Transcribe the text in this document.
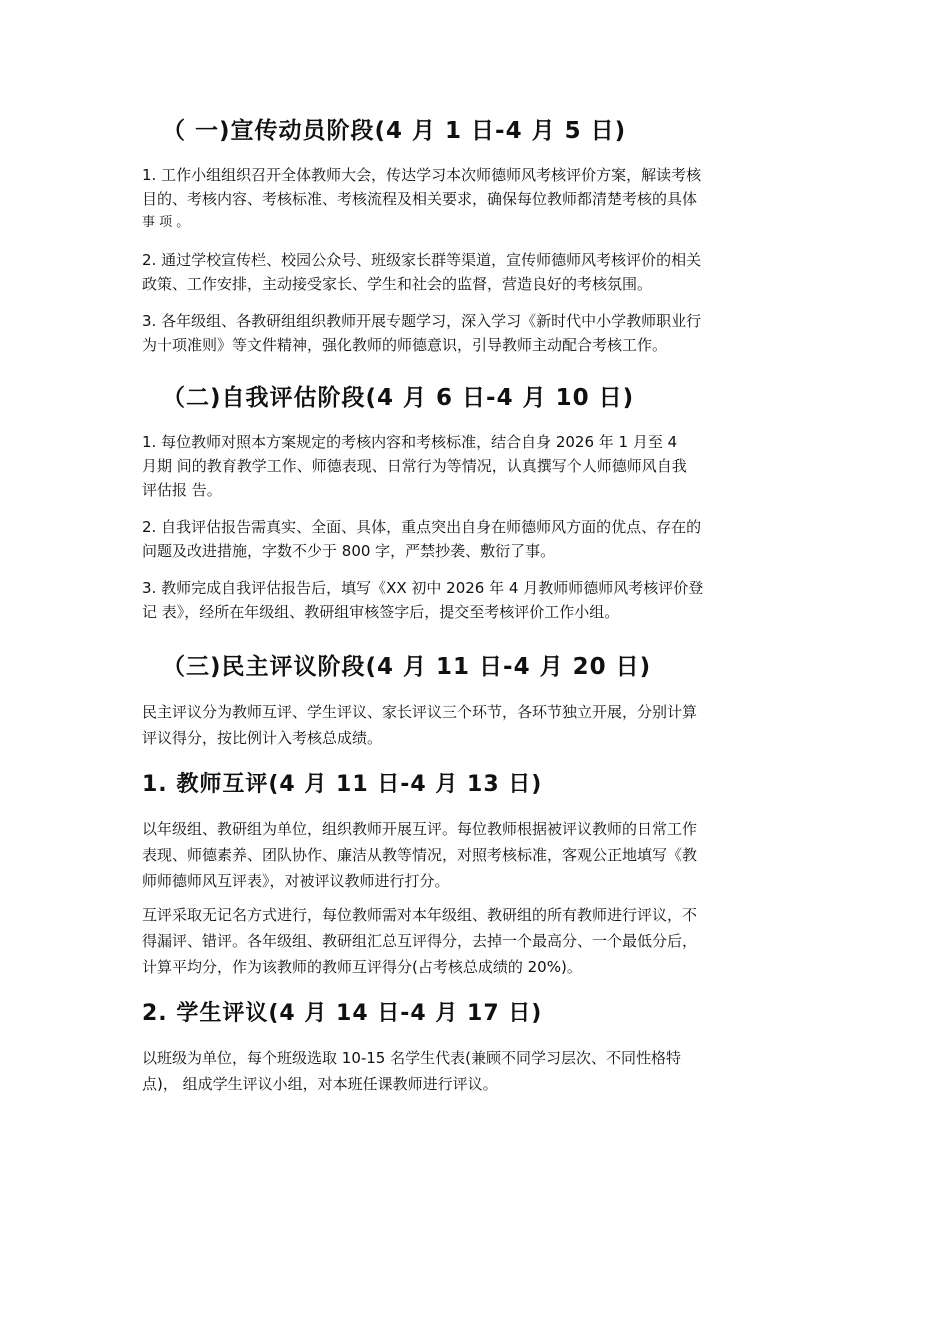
（ 一)宣传动员阶段(4 月 1 日-4 月 5 日)
1. 工作小组组织召开全体教师大会，传达学习本次师德师风考核评价方案，解读考核
目的、考核内容、考核标准、考核流程及相关要求，确保每位教师都清楚考核的具体
事 项 。
2. 通过学校宣传栏、校园公众号、班级家长群等渠道，宣传师德师风考核评价的相关
政策、工作安排，主动接受家长、学生和社会的监督，营造良好的考核氛围。
3. 各年级组、各教研组组织教师开展专题学习，深入学习《新时代中小学教师职业行
为十项准则》等文件精神，强化教师的师德意识，引导教师主动配合考核工作。
（二)自我评估阶段(4 月 6 日-4 月 10 日)
1. 每位教师对照本方案规定的考核内容和考核标准，结合自身 2026 年 1 月至 4
月期 间的教育教学工作、师德表现、日常行为等情况，认真撰写个人师德师风自我
评估报 告。
2. 自我评估报告需真实、全面、具体，重点突出自身在师德师风方面的优点、存在的
问题及改进措施，字数不少于 800 字，严禁抄袭、敷衍了事。
3. 教师完成自我评估报告后，填写《XX 初中 2026 年 4 月教师师德师风考核评价登
记 表》，经所在年级组、教研组审核签字后，提交至考核评价工作小组。
（三)民主评议阶段(4 月 11 日-4 月 20 日)
民主评议分为教师互评、学生评议、家长评议三个环节，各环节独立开展，分别计算
评议得分，按比例计入考核总成绩。
1. 教师互评(4 月 11 日-4 月 13 日)
以年级组、教研组为单位，组织教师开展互评。每位教师根据被评议教师的日常工作
表现、师德素养、团队协作、廉洁从教等情况，对照考核标准，客观公正地填写《教
师师德师风互评表》，对被评议教师进行打分。
互评采取无记名方式进行，每位教师需对本年级组、教研组的所有教师进行评议，不
得漏评、错评。各年级组、教研组汇总互评得分，去掉一个最高分、一个最低分后，
计算平均分，作为该教师的教师互评得分(占考核总成绩的 20%)。
2. 学生评议(4 月 14 日-4 月 17 日)
以班级为单位，每个班级选取 10-15 名学生代表(兼顾不同学习层次、不同性格特
点)， 组成学生评议小组，对本班任课教师进行评议。
